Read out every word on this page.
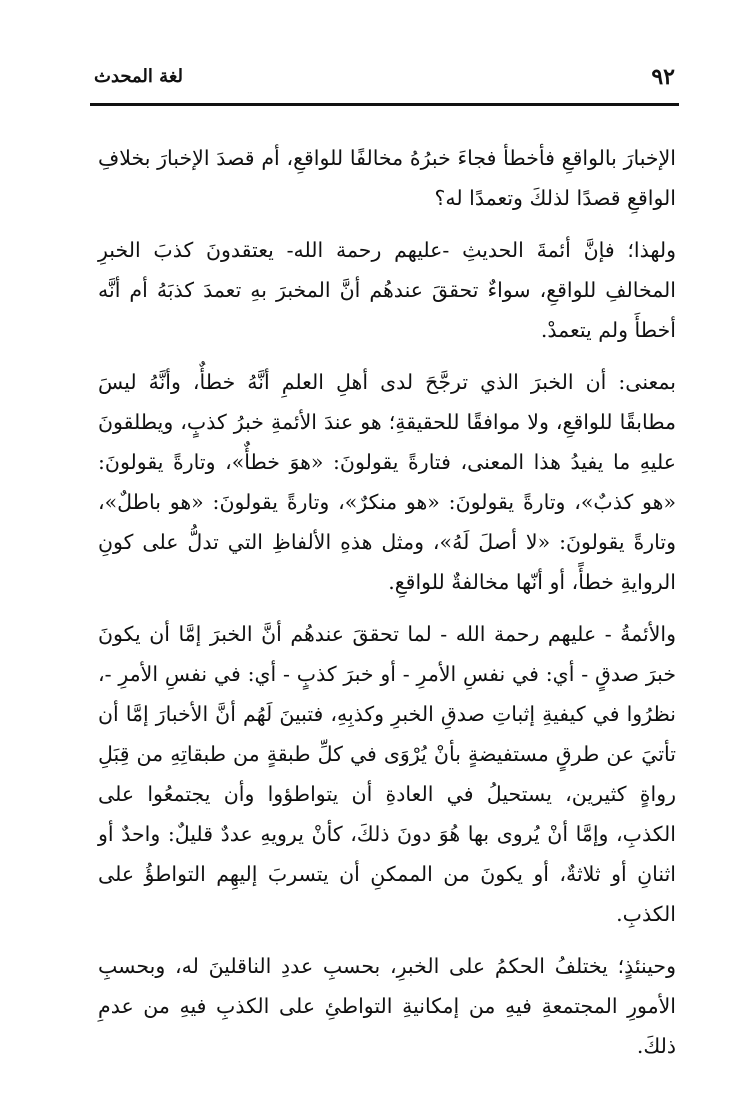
٩٢
لغة المحدث

الإخبارَ بالواقعِ فأخطأ فجاءَ خبرُهُ مخالفًا للواقعِ، أم قصدَ الإخبارَ بخلافِ الواقعِ قصدًا لذلكَ وتعمدًا له؟

ولهذا؛ فإنَّ أئمةَ الحديثِ -عليهم رحمة الله- يعتقدونَ كذبَ الخبرِ المخالفِ للواقعِ، سواءٌ تحققَ عندهُم أنَّ المخبرَ بهِ تعمدَ كذبَهُ أم أنَّه أخطأَ ولم يتعمدْ.

بمعنى: أن الخبرَ الذي ترجَّحَ لدى أهلِ العلمِ أنَّهُ خطأٌ، وأنَّهُ ليسَ مطابقًا للواقعِ، ولا موافقًا للحقيقةِ؛ هو عندَ الأئمةِ خبرُ كذبٍ، ويطلقونَ عليهِ ما يفيدُ هذا المعنى، فتارةً يقولونَ: «هوَ خطأٌ»، وتارةً يقولونَ: «هو كذبٌ»، وتارةً يقولونَ: «هو منكرٌ»، وتارةً يقولونَ: «هو باطلٌ»، وتارةً يقولونَ: «لا أصلَ لَهُ»، ومثل هذهِ الألفاظِ التي تدلُّ على كونِ الروايةِ خطأً، أو أنّها مخالفةٌ للواقعِ.

والأئمةُ - عليهم رحمة الله - لما تحققَ عندهُم أنَّ الخبرَ إمَّا أن يكونَ خبرَ صدقٍ - أي: في نفسِ الأمرِ - أو خبرَ كذبٍ - أي: في نفسِ الأمرِ -، نظرُوا في كيفيةِ إثباتِ صدقِ الخبرِ وكذبِهِ، فتبينَ لَهُم أنَّ الأخبارَ إمَّا أن تأتيَ عن طرقٍ مستفيضةٍ بأنْ يُرْوَى في كلِّ طبقةٍ من طبقاتِهِ من قِبَلِ رواةٍ كثيرين، يستحيلُ في العادةِ أن يتواطؤوا وأن يجتمعُوا على الكذبِ، وإمَّا أنْ يُروى بها هُوَ دونَ ذلكَ، كأنْ يرويهِ عددٌ قليلٌ: واحدٌ أو اثنانِ أو ثلاثةٌ، أو يكونَ من الممكنِ أن يتسربَ إليهِم التواطؤُ على الكذبِ.

وحينئذٍ؛ يختلفُ الحكمُ على الخبرِ، بحسبِ عددِ الناقلينَ له، وبحسبِ الأمورِ المجتمعةِ فيهِ من إمكانيةِ التواطئِ على الكذبِ فيهِ من عدمِ ذلكَ.
